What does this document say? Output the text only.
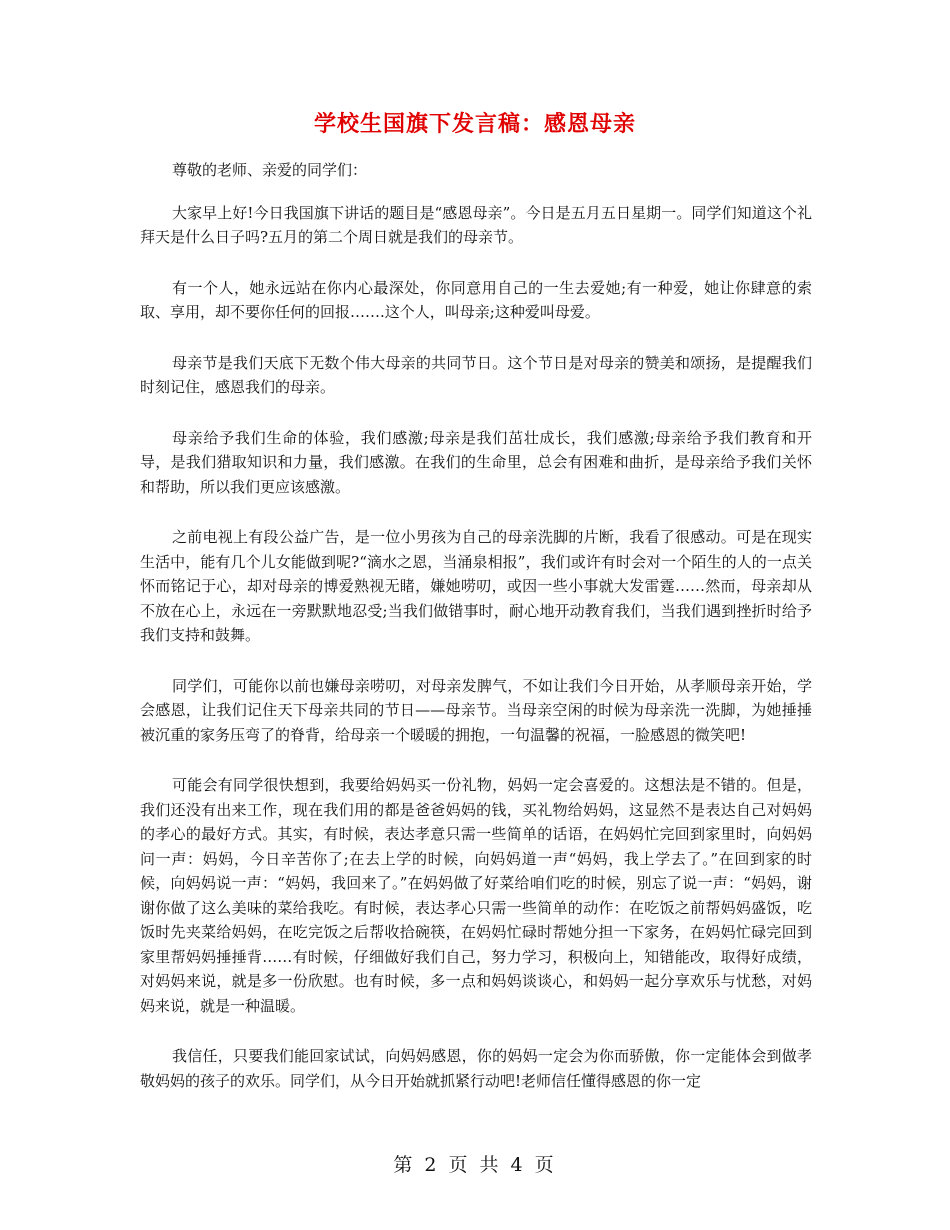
学校生国旗下发言稿：感恩母亲

尊敬的老师、亲爱的同学们：

大家早上好!今日我国旗下讲话的题目是“感恩母亲”。今日是五月五日星期一。同学们知道这个礼拜天是什么日子吗?五月的第二个周日就是我们的母亲节。

有一个人，她永远站在你内心最深处，你同意用自己的一生去爱她;有一种爱，她让你肆意的索取、享用，却不要你任何的回报…….这个人，叫母亲;这种爱叫母爱。

母亲节是我们天底下无数个伟大母亲的共同节日。这个节日是对母亲的赞美和颂扬，是提醒我们时刻记住，感恩我们的母亲。

母亲给予我们生命的体验，我们感激;母亲是我们茁壮成长，我们感激;母亲给予我们教育和开导，是我们猎取知识和力量，我们感激。在我们的生命里，总会有困难和曲折，是母亲给予我们关怀和帮助，所以我们更应该感激。

之前电视上有段公益广告，是一位小男孩为自己的母亲洗脚的片断，我看了很感动。可是在现实生活中，能有几个儿女能做到呢?“滴水之恩，当涌泉相报”，我们或许有时会对一个陌生的人的一点关怀而铭记于心，却对母亲的博爱熟视无睹，嫌她唠叨，或因一些小事就大发雷霆……然而，母亲却从不放在心上，永远在一旁默默地忍受;当我们做错事时，耐心地开动教育我们，当我们遇到挫折时给予我们支持和鼓舞。

同学们，可能你以前也嫌母亲唠叨，对母亲发脾气，不如让我们今日开始，从孝顺母亲开始，学会感恩，让我们记住天下母亲共同的节日——母亲节。当母亲空闲的时候为母亲洗一洗脚，为她捶捶被沉重的家务压弯了的脊背，给母亲一个暖暖的拥抱，一句温馨的祝福，一脸感恩的微笑吧!

可能会有同学很快想到，我要给妈妈买一份礼物，妈妈一定会喜爱的。这想法是不错的。但是，我们还没有出来工作，现在我们用的都是爸爸妈妈的钱，买礼物给妈妈，这显然不是表达自己对妈妈的孝心的最好方式。其实，有时候，表达孝意只需一些简单的话语，在妈妈忙完回到家里时，向妈妈问一声：妈妈，今日辛苦你了;在去上学的时候，向妈妈道一声“妈妈，我上学去了。”在回到家的时候，向妈妈说一声：“妈妈，我回来了。”在妈妈做了好菜给咱们吃的时候，别忘了说一声：“妈妈，谢谢你做了这么美味的菜给我吃。有时候，表达孝心只需一些简单的动作：在吃饭之前帮妈妈盛饭，吃饭时先夹菜给妈妈，在吃完饭之后帮收拾碗筷，在妈妈忙碌时帮她分担一下家务，在妈妈忙碌完回到家里帮妈妈捶捶背……有时候，仔细做好我们自己，努力学习，积极向上，知错能改，取得好成绩，对妈妈来说，就是多一份欣慰。也有时候，多一点和妈妈谈谈心，和妈妈一起分享欢乐与忧愁，对妈妈来说，就是一种温暖。

我信任，只要我们能回家试试，向妈妈感恩，你的妈妈一定会为你而骄傲，你一定能体会到做孝敬妈妈的孩子的欢乐。同学们，从今日开始就抓紧行动吧!老师信任懂得感恩的你一定

第 2 页 共 4 页
